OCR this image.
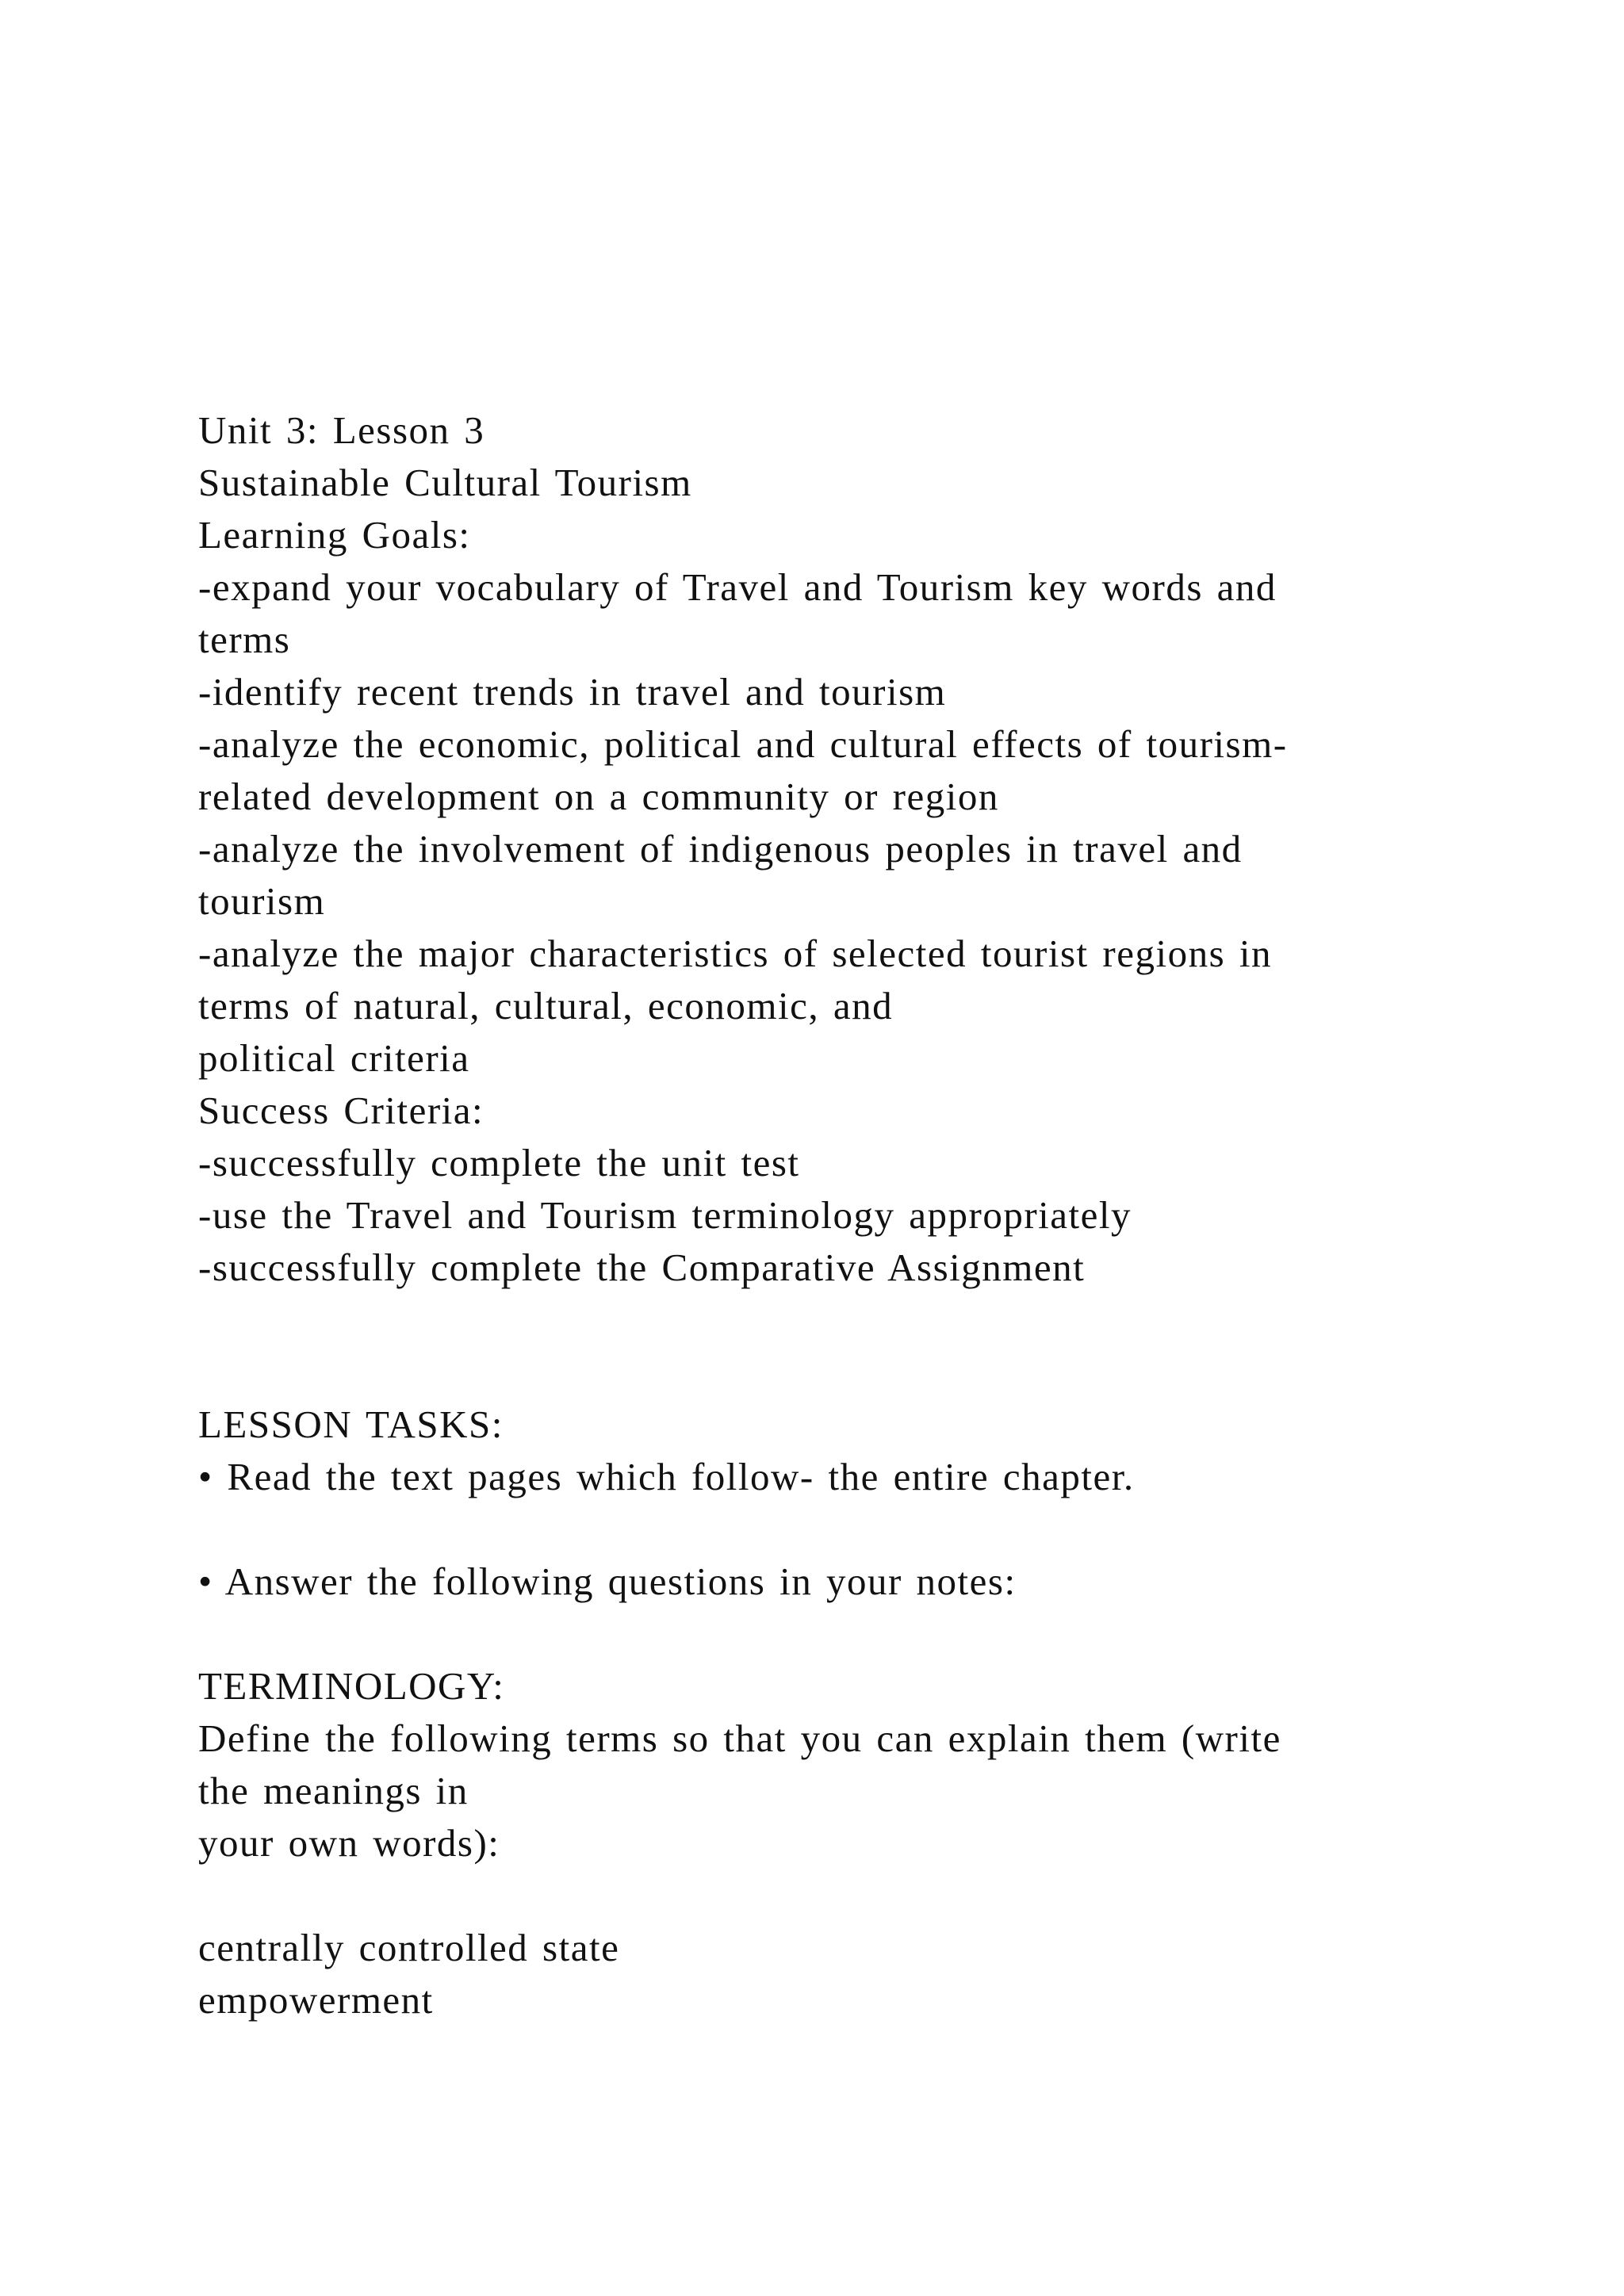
Unit 3: Lesson 3
Sustainable Cultural Tourism
Learning Goals:
-expand your vocabulary of Travel and Tourism key words and
terms
-identify recent trends in travel and tourism
-analyze the economic, political and cultural effects of tourism-
related development on a community or region
-analyze the involvement of indigenous peoples in travel and
tourism
-analyze the major characteristics of selected tourist regions in
terms of natural, cultural, economic, and
political criteria
Success Criteria:
-successfully complete the unit test
-use the Travel and Tourism terminology appropriately
-successfully complete the Comparative Assignment
LESSON TASKS:
• Read the text pages which follow- the entire chapter.
• Answer the following questions in your notes:
TERMINOLOGY:
Define the following terms so that you can explain them (write
the meanings in
your own words):
centrally controlled state
empowerment
